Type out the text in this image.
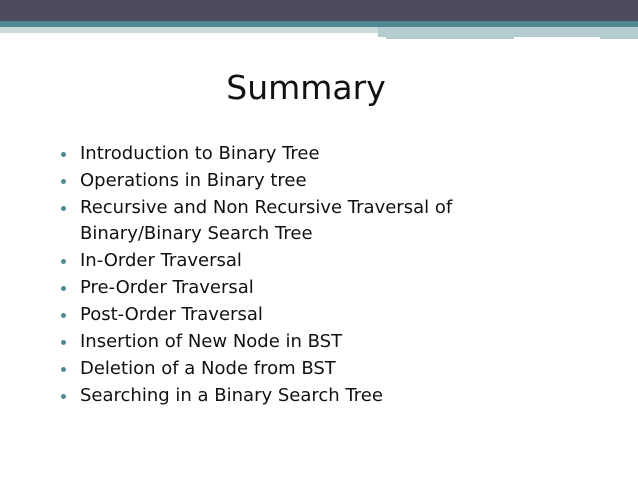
Summary
Introduction to Binary Tree
Operations in Binary tree
Recursive and Non Recursive Traversal of Binary/Binary Search Tree
In-Order Traversal
Pre-Order Traversal
Post-Order Traversal
Insertion of New Node in BST
Deletion of a Node from BST
Searching in a Binary Search Tree
